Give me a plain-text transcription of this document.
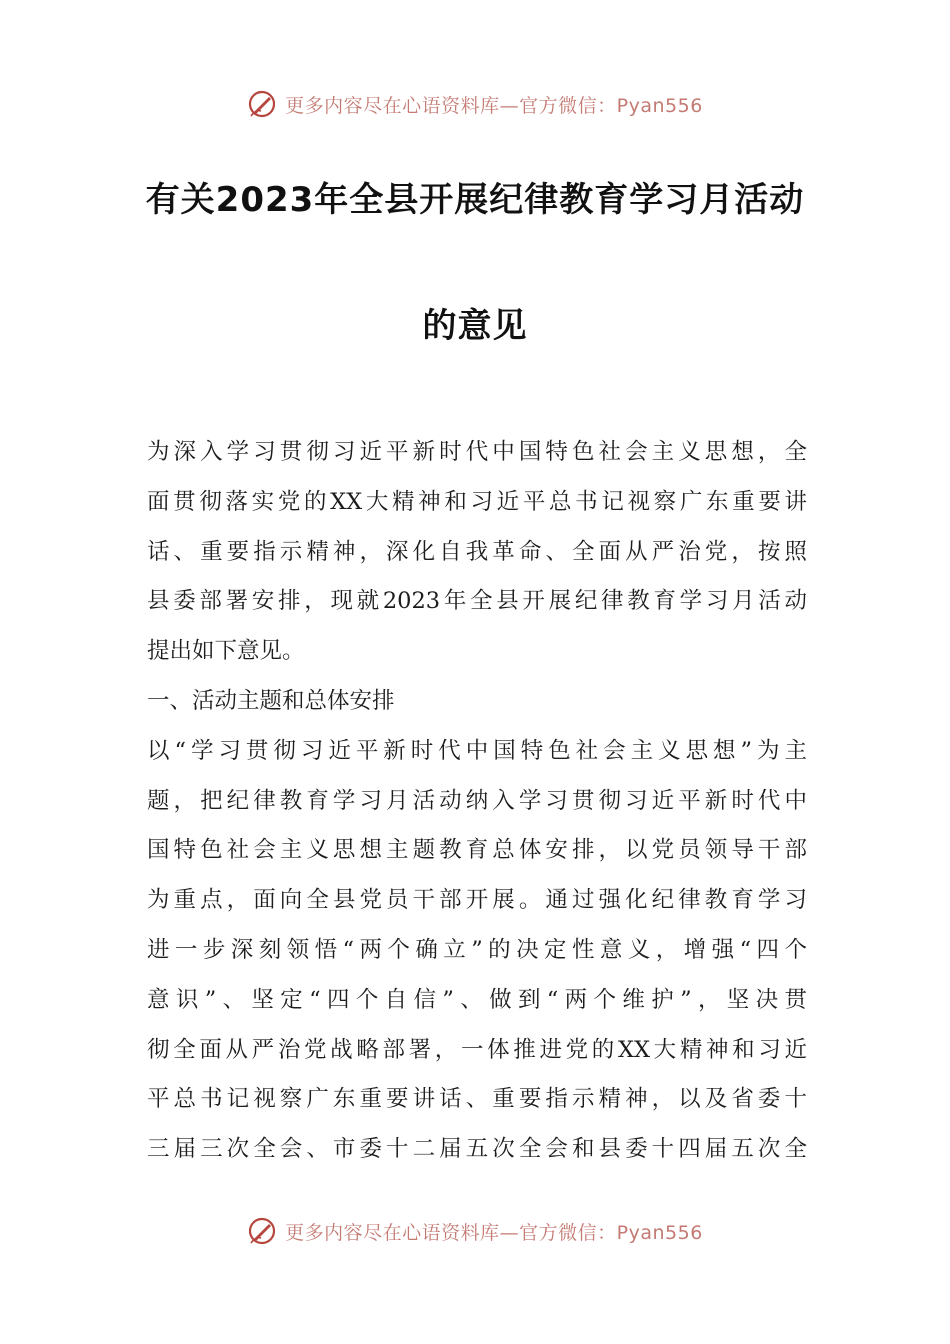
更多内容尽在心语资料库—官方微信：Pyan556
有关2023年全县开展纪律教育学习月活动
的意见
为深入学习贯彻习近平新时代中国特色社会主义思想，全
面贯彻落实党的XX大精神和习近平总书记视察广东重要讲
话、重要指示精神，深化自我革命、全面从严治党，按照
县委部署安排，现就2023年全县开展纪律教育学习月活动
提出如下意见。
一、活动主题和总体安排
以“学习贯彻习近平新时代中国特色社会主义思想”为主
题，把纪律教育学习月活动纳入学习贯彻习近平新时代中
国特色社会主义思想主题教育总体安排，以党员领导干部
为重点，面向全县党员干部开展。通过强化纪律教育学习
进一步深刻领悟“两个确立”的决定性意义，增强“四个
意识”、坚定“四个自信”、做到“两个维护”，坚决贯
彻全面从严治党战略部署，一体推进党的XX大精神和习近
平总书记视察广东重要讲话、重要指示精神，以及省委十
三届三次全会、市委十二届五次全会和县委十四届五次全
更多内容尽在心语资料库—官方微信：Pyan556
